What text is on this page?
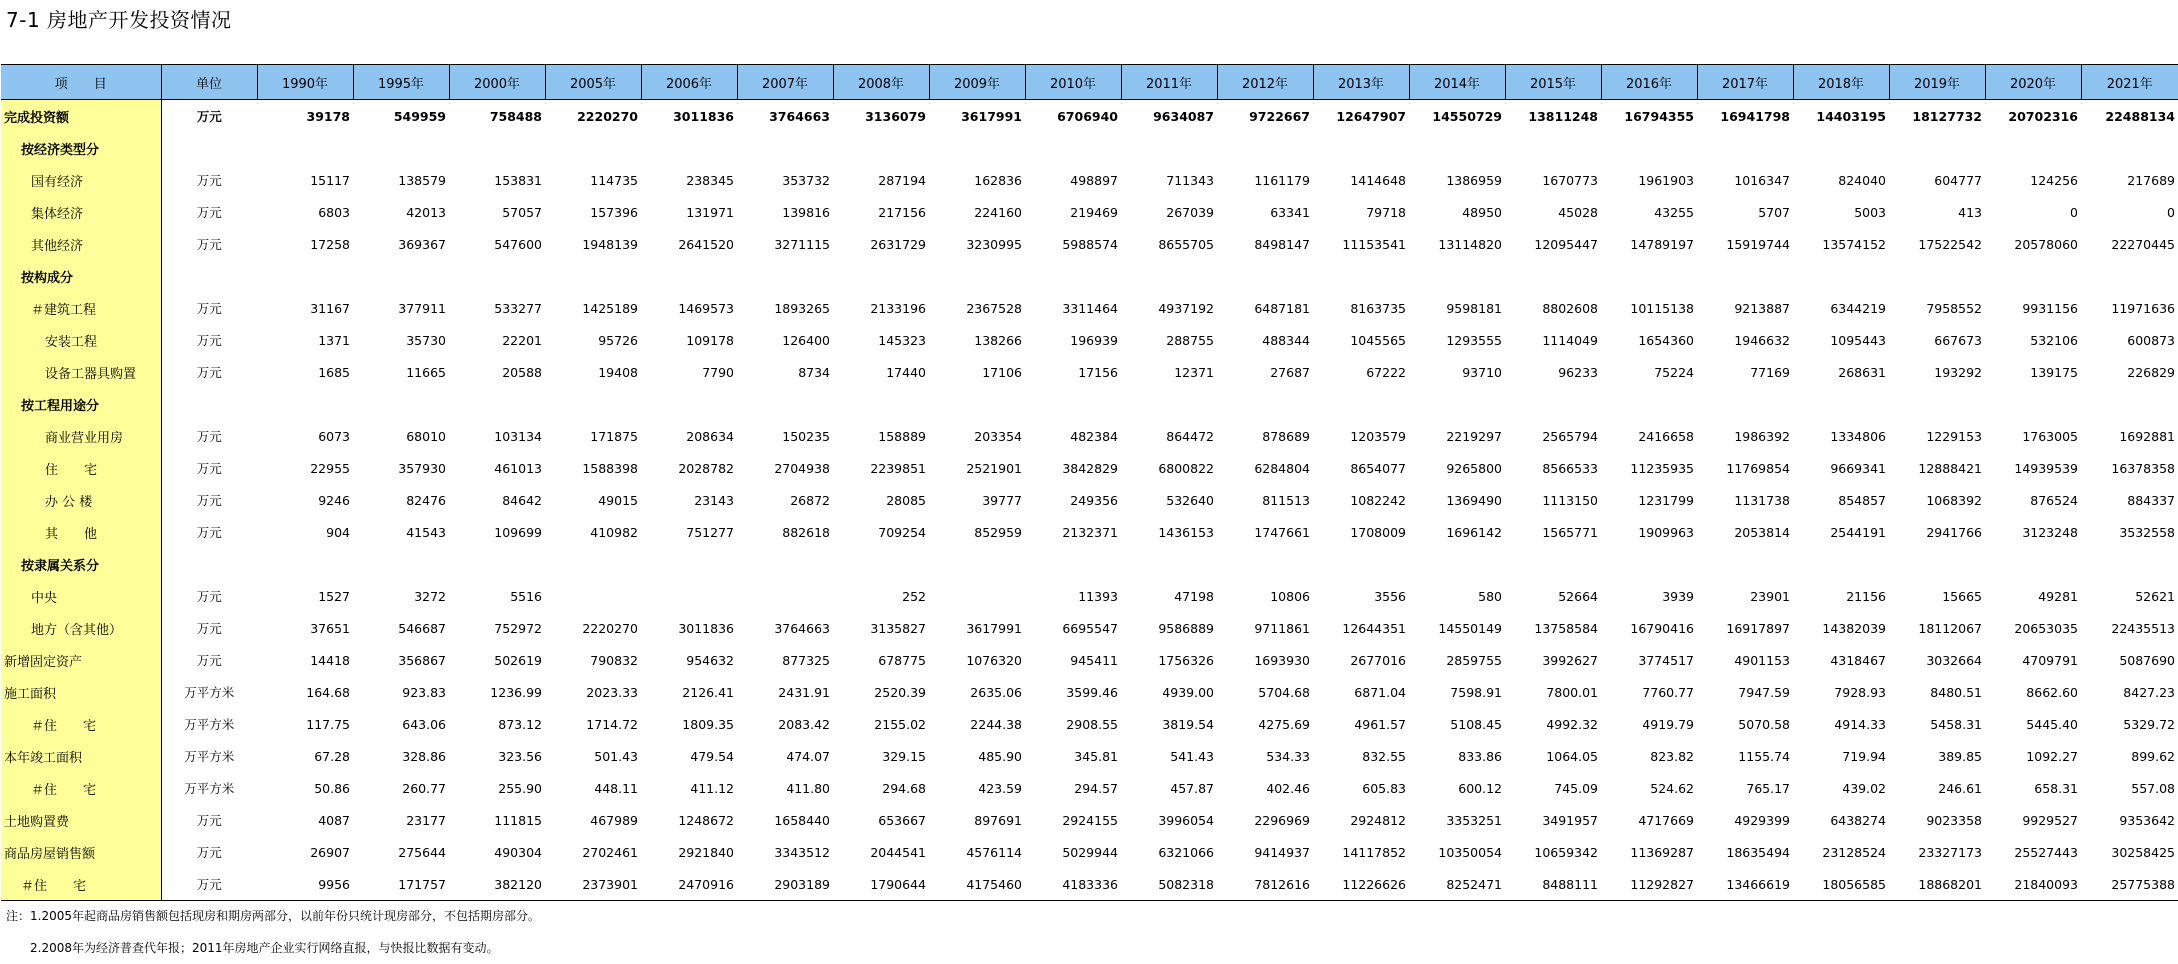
7-1 房地产开发投资情况
项　　目	单位	1990年	1995年	2000年	2005年	2006年	2007年	2008年	2009年	2010年	2011年	2012年	2013年	2014年	2015年	2016年	2017年	2018年	2019年	2020年	2021年
完成投资额	万元	39178	549959	758488	2220270	3011836	3764663	3136079	3617991	6706940	9634087	9722667	12647907	14550729	13811248	16794355	16941798	14403195	18127732	20702316	22488134
按经济类型分																					
国有经济	万元	15117	138579	153831	114735	238345	353732	287194	162836	498897	711343	1161179	1414648	1386959	1670773	1961903	1016347	824040	604777	124256	217689
集体经济	万元	6803	42013	57057	157396	131971	139816	217156	224160	219469	267039	63341	79718	48950	45028	43255	5707	5003	413	0	0
其他经济	万元	17258	369367	547600	1948139	2641520	3271115	2631729	3230995	5988574	8655705	8498147	11153541	13114820	12095447	14789197	15919744	13574152	17522542	20578060	22270445
按构成分																					
＃建筑工程	万元	31167	377911	533277	1425189	1469573	1893265	2133196	2367528	3311464	4937192	6487181	8163735	9598181	8802608	10115138	9213887	6344219	7958552	9931156	11971636
安装工程	万元	1371	35730	22201	95726	109178	126400	145323	138266	196939	288755	488344	1045565	1293555	1114049	1654360	1946632	1095443	667673	532106	600873
设备工器具购置	万元	1685	11665	20588	19408	7790	8734	17440	17106	17156	12371	27687	67222	93710	96233	75224	77169	268631	193292	139175	226829
按工程用途分																					
商业营业用房	万元	6073	68010	103134	171875	208634	150235	158889	203354	482384	864472	878689	1203579	2219297	2565794	2416658	1986392	1334806	1229153	1763005	1692881
住　　宅	万元	22955	357930	461013	1588398	2028782	2704938	2239851	2521901	3842829	6800822	6284804	8654077	9265800	8566533	11235935	11769854	9669341	12888421	14939539	16378358
办 公 楼	万元	9246	82476	84642	49015	23143	26872	28085	39777	249356	532640	811513	1082242	1369490	1113150	1231799	1131738	854857	1068392	876524	884337
其　　他	万元	904	41543	109699	410982	751277	882618	709254	852959	2132371	1436153	1747661	1708009	1696142	1565771	1909963	2053814	2544191	2941766	3123248	3532558
按隶属关系分																					
中央	万元	1527	3272	5516				252		11393	47198	10806	3556	580	52664	3939	23901	21156	15665	49281	52621
地方（含其他）	万元	37651	546687	752972	2220270	3011836	3764663	3135827	3617991	6695547	9586889	9711861	12644351	14550149	13758584	16790416	16917897	14382039	18112067	20653035	22435513
新增固定资产	万元	14418	356867	502619	790832	954632	877325	678775	1076320	945411	1756326	1693930	2677016	2859755	3992627	3774517	4901153	4318467	3032664	4709791	5087690
施工面积	万平方米	164.68	923.83	1236.99	2023.33	2126.41	2431.91	2520.39	2635.06	3599.46	4939.00	5704.68	6871.04	7598.91	7800.01	7760.77	7947.59	7928.93	8480.51	8662.60	8427.23
＃住　　宅	万平方米	117.75	643.06	873.12	1714.72	1809.35	2083.42	2155.02	2244.38	2908.55	3819.54	4275.69	4961.57	5108.45	4992.32	4919.79	5070.58	4914.33	5458.31	5445.40	5329.72
本年竣工面积	万平方米	67.28	328.86	323.56	501.43	479.54	474.07	329.15	485.90	345.81	541.43	534.33	832.55	833.86	1064.05	823.82	1155.74	719.94	389.85	1092.27	899.62
＃住　　宅	万平方米	50.86	260.77	255.90	448.11	411.12	411.80	294.68	423.59	294.57	457.87	402.46	605.83	600.12	745.09	524.62	765.17	439.02	246.61	658.31	557.08
土地购置费	万元	4087	23177	111815	467989	1248672	1658440	653667	897691	2924155	3996054	2296969	2924812	3353251	3491957	4717669	4929399	6438274	9023358	9929527	9353642
商品房屋销售额	万元	26907	275644	490304	2702461	2921840	3343512	2044541	4576114	5029944	6321066	9414937	14117852	10350054	10659342	11369287	18635494	23128524	23327173	25527443	30258425
＃住　　宅	万元	9956	171757	382120	2373901	2470916	2903189	1790644	4175460	4183336	5082318	7812616	11226626	8252471	8488111	11292827	13466619	18056585	18868201	21840093	25775388
注：1.2005年起商品房销售额包括现房和期房两部分，以前年份只统计现房部分，不包括期房部分。
　　2.2008年为经济普查代年报；2011年房地产企业实行网络直报，与快报比数据有变动。
